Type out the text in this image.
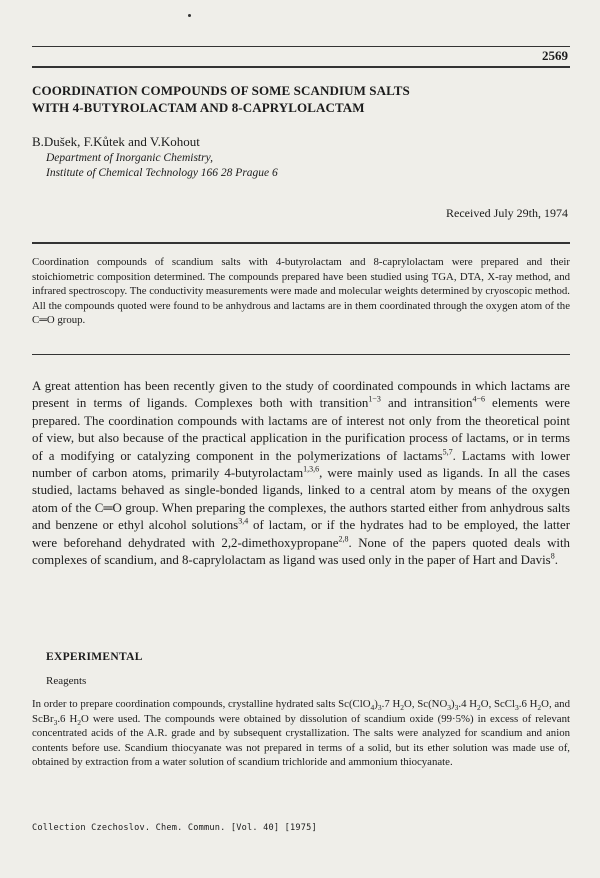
2569
COORDINATION COMPOUNDS OF SOME SCANDIUM SALTS
WITH 4-BUTYROLACTAM AND 8-CAPRYLOLACTAM
B.Dušek, F.Kůtek and V.Kohout
Department of Inorganic Chemistry,
Institute of Chemical Technology 166 28 Prague 6
Received July 29th, 1974
Coordination compounds of scandium salts with 4-butyrolactam and 8-caprylolactam were prepared and their stoichiometric composition determined. The compounds prepared have been studied using TGA, DTA, X-ray method, and infrared spectroscopy. The conductivity measurements were made and molecular weights determined by cryoscopic method. All the compounds quoted were found to be anhydrous and lactams are in them coordinated through the oxygen atom of the C═O group.
A great attention has been recently given to the study of coordinated compounds in which lactams are present in terms of ligands. Complexes both with transition$^{1-3}$ and intransition$^{4-6}$ elements were prepared. The coordination compounds with lactams are of interest not only from the theoretical point of view, but also because of the practical application in the purification process of lactams, or in terms of a modifying or catalyzing component in the polymerizations of lactams$^{5,7}$. Lactams with lower number of carbon atoms, primarily 4-butyrolactam$^{1,3,6}$, were mainly used as ligands. In all the cases studied, lactams behaved as single-bonded ligands, linked to a central atom by means of the oxygen atom of the C═O group. When preparing the complexes, the authors started either from anhydrous salts and benzene or ethyl alcohol solutions$^{3,4}$ of lactam, or if the hydrates had to be employed, the latter were beforehand dehydrated with 2,2-dimethoxypropane$^{2,8}$. None of the papers quoted deals with complexes of scandium, and 8-caprylolactam as ligand was used only in the paper of Hart and Davis$^8$.
EXPERIMENTAL
Reagents
In order to prepare coordination compounds, crystalline hydrated salts $Sc(ClO_4)_3.7$ $H_2O$, $Sc(NO_3)_3.4$ $H_2O$, ScCl$_3$.6 $H_2O$, and ScBr$_3$.6 $H_2O$ were used. The compounds were obtained by dissolution of scandium oxide (99·5%) in excess of relevant concentrated acids of the A.R. grade and by subsequent crystallization. The salts were analyzed for scandium and anion contents before use. Scandium thiocyanate was not prepared in terms of a solid, but its ether solution was made use of, obtained by extraction from a water solution of scandium trichloride and ammonium thiocyanate.
Collection Czechoslov. Chem. Commun. [Vol. 40] [1975]
